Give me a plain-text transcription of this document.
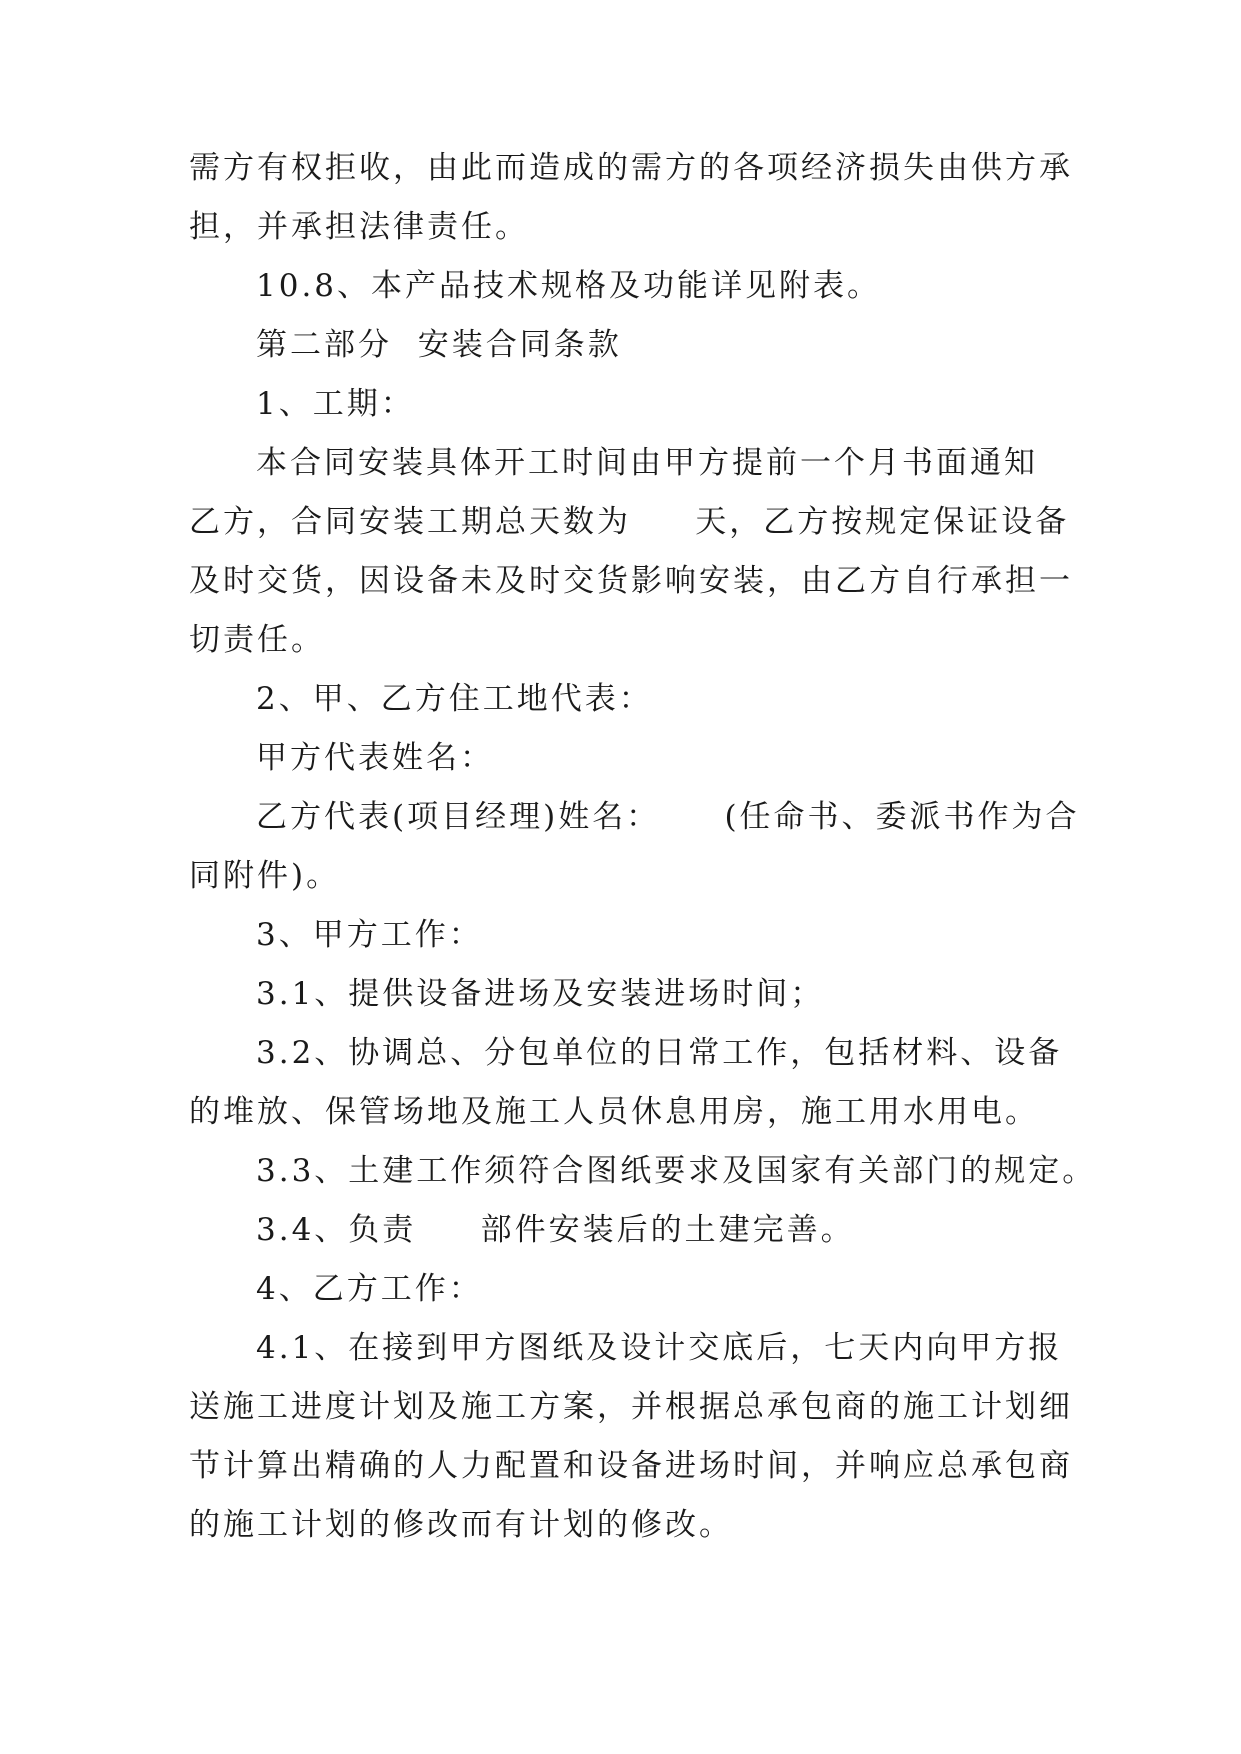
需方有权拒收，由此而造成的需方的各项经济损失由供方承
担，并承担法律责任。
10.8、本产品技术规格及功能详见附表。
第二部分  安装合同条款
1、工期：
本合同安装具体开工时间由甲方提前一个月书面通知
乙方，合同安装工期总天数为     天，乙方按规定保证设备
及时交货，因设备未及时交货影响安装，由乙方自行承担一
切责任。
2、甲、乙方住工地代表：
甲方代表姓名：
乙方代表(项目经理)姓名：     (任命书、委派书作为合
同附件)。
3、甲方工作：
3.1、提供设备进场及安装进场时间；
3.2、协调总、分包单位的日常工作，包括材料、设备
的堆放、保管场地及施工人员休息用房，施工用水用电。
3.3、土建工作须符合图纸要求及国家有关部门的规定。
3.4、负责     部件安装后的土建完善。
4、乙方工作：
4.1、在接到甲方图纸及设计交底后，七天内向甲方报
送施工进度计划及施工方案，并根据总承包商的施工计划细
节计算出精确的人力配置和设备进场时间，并响应总承包商
的施工计划的修改而有计划的修改。
